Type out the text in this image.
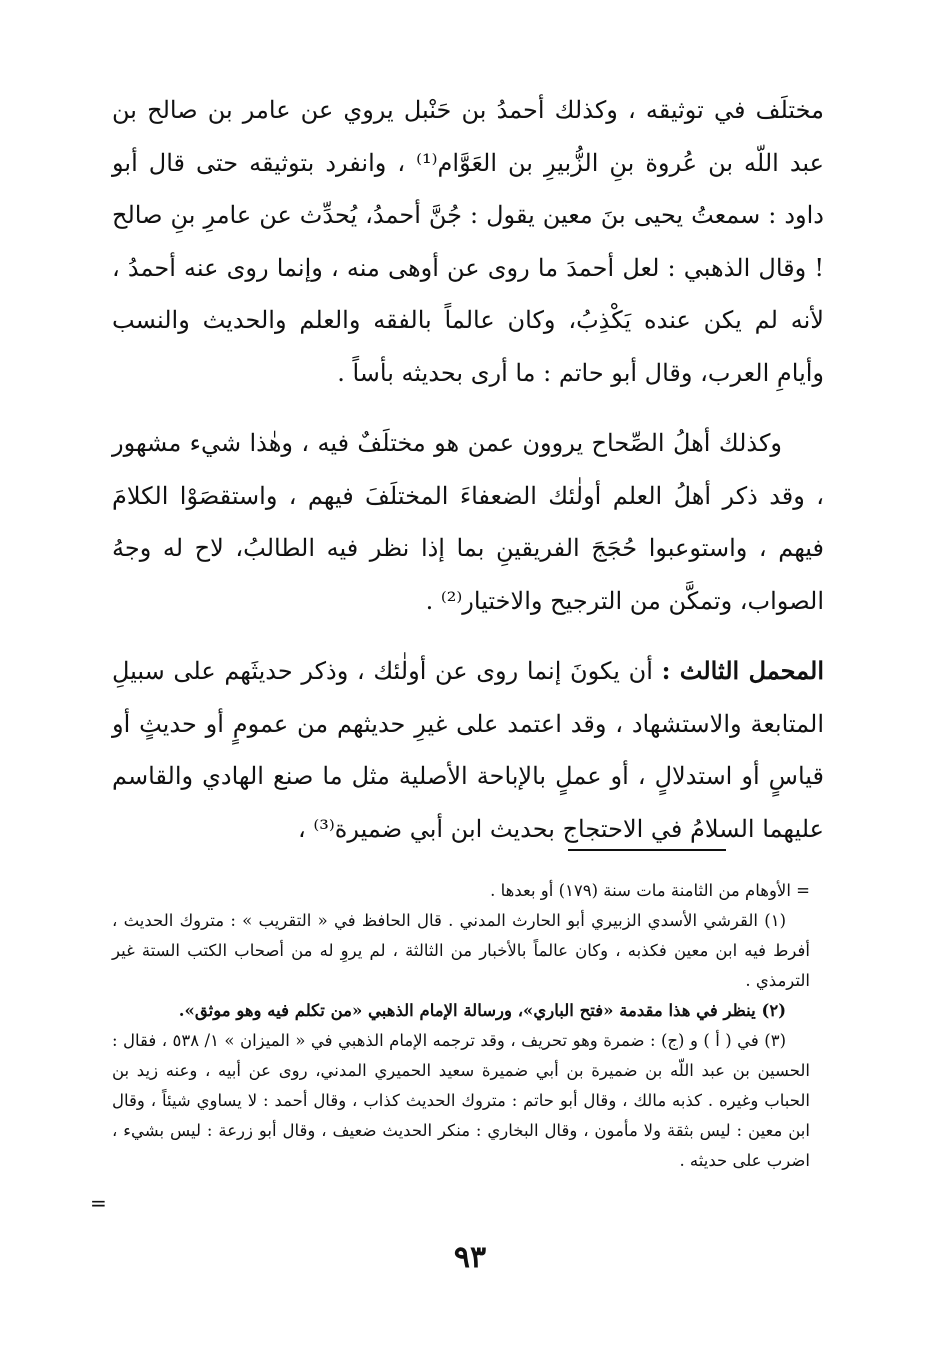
مختلَف في توثيقه ، وكذلك أحمدُ بن حَنْبل يروي عن عامر بن صالح بن عبد اللّه بن عُروة بنِ الزُّبيرِ بن العَوَّام⁽¹⁾ ، وانفرد بتوثيقه حتى قال أبو داود : سمعتُ يحيى بنَ معين يقول : جُنَّ أحمدُ، يُحدِّث عن عامرِ بنِ صالح ! وقال الذهبي : لعل أحمدَ ما روى عن أوهى منه ، وإنما روى عنه أحمدُ ، لأنه لم يكن عنده يَكْذِبُ، وكان عالماً بالفقه والعلم والحديث والنسب وأيامِ العرب، وقال أبو حاتم : ما أرى بحديثه بأساً .

وكذلك أهلُ الصِّحاح يروون عمن هو مختلَفٌ فيه ، وهٰذا شيء مشهور ، وقد ذكر أهلُ العلم أولٰئك الضعفاءَ المختلَفَ فيهم ، واستقصَوْا الكلامَ فيهم ، واستوعبوا حُجَجَ الفريقينِ بما إذا نظر فيه الطالبُ، لاح له وجهُ الصواب، وتمكَّن من الترجيح والاختيار⁽²⁾ .

المحمل الثالث : أن يكونَ إنما روى عن أولٰئك ، وذكر حديثَهم على سبيلِ المتابعة والاستشهاد ، وقد اعتمد على غيرِ حديثهم من عمومٍ أو حديثٍ أو قياسٍ أو استدلالٍ ، أو عملٍ بالإباحة الأصلية مثل ما صنع الهادي والقاسم عليهما السلامُ في الاحتجاج بحديث ابن أبي ضميرة⁽³⁾ ،

= الأوهام من الثامنة مات سنة (١٧٩) أو بعدها .

(١) القرشي الأسدي الزبيري أبو الحارث المدني . قال الحافظ في « التقريب » : متروك الحديث ، أفرط فيه ابن معين فكذبه ، وكان عالماً بالأخبار من الثالثة ، لم يروِ له من أصحاب الكتب الستة غير الترمذي .

(٢) ينظر في هذا مقدمة «فتح الباري»، ورسالة الإمام الذهبي «من تكلم فيه وهو موثق».

(٣) في ( أ ) و (ج) : ضمرة وهو تحريف ، وقد ترجمه الإمام الذهبي في « الميزان » ١/ ٥٣٨ ، فقال : الحسين بن عبد اللّه بن ضميرة بن أبي ضميرة سعيد الحميري المدني، روى عن أبيه ، وعنه زيد بن الحباب وغيره . كذبه مالك ، وقال أبو حاتم : متروك الحديث كذاب ، وقال أحمد : لا يساوي شيئاً ، وقال ابن معين : ليس بثقة ولا مأمون ، وقال البخاري : منكر الحديث ضعيف ، وقال أبو زرعة : ليس بشيء ، اضرب على حديثه .

=
٩٣
